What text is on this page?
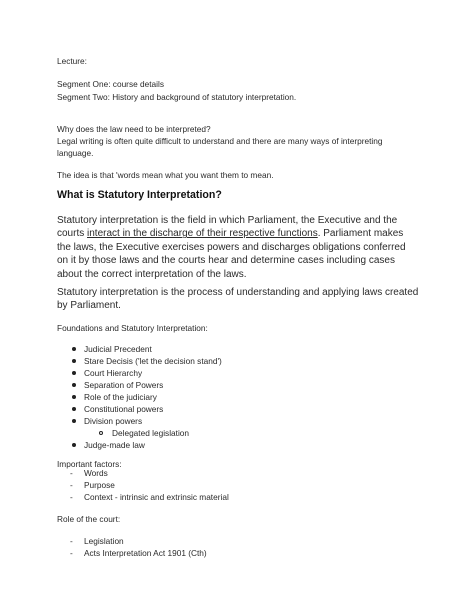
Lecture:

Segment One: course details

Segment Two: History and background of statutory interpretation.

Why does the law need to be interpreted?

Legal writing is often quite difficult to understand and there are many ways of interpreting

language.

The idea is that 'words mean what you want them to mean.

What is Statutory Interpretation?

Statutory interpretation is the field in which Parliament, the Executive and the courts interact in the discharge of their respective functions. Parliament makes the laws, the Executive exercises powers and discharges obligations conferred on it by those laws and the courts hear and determine cases including cases about the correct interpretation of the laws.

Statutory interpretation is the process of understanding and applying laws created by Parliament.

Foundations and Statutory Interpretation:

Judicial Precedent

Stare Decisis ('let the decision stand')

Court Hierarchy

Separation of Powers

Role of the judiciary

Constitutional powers

Division powers

Delegated legislation

Judge-made law

Important factors:

- Words

- Purpose

- Context - intrinsic and extrinsic material

Role of the court:

- Legislation

- Acts Interpretation Act 1901 (Cth)
